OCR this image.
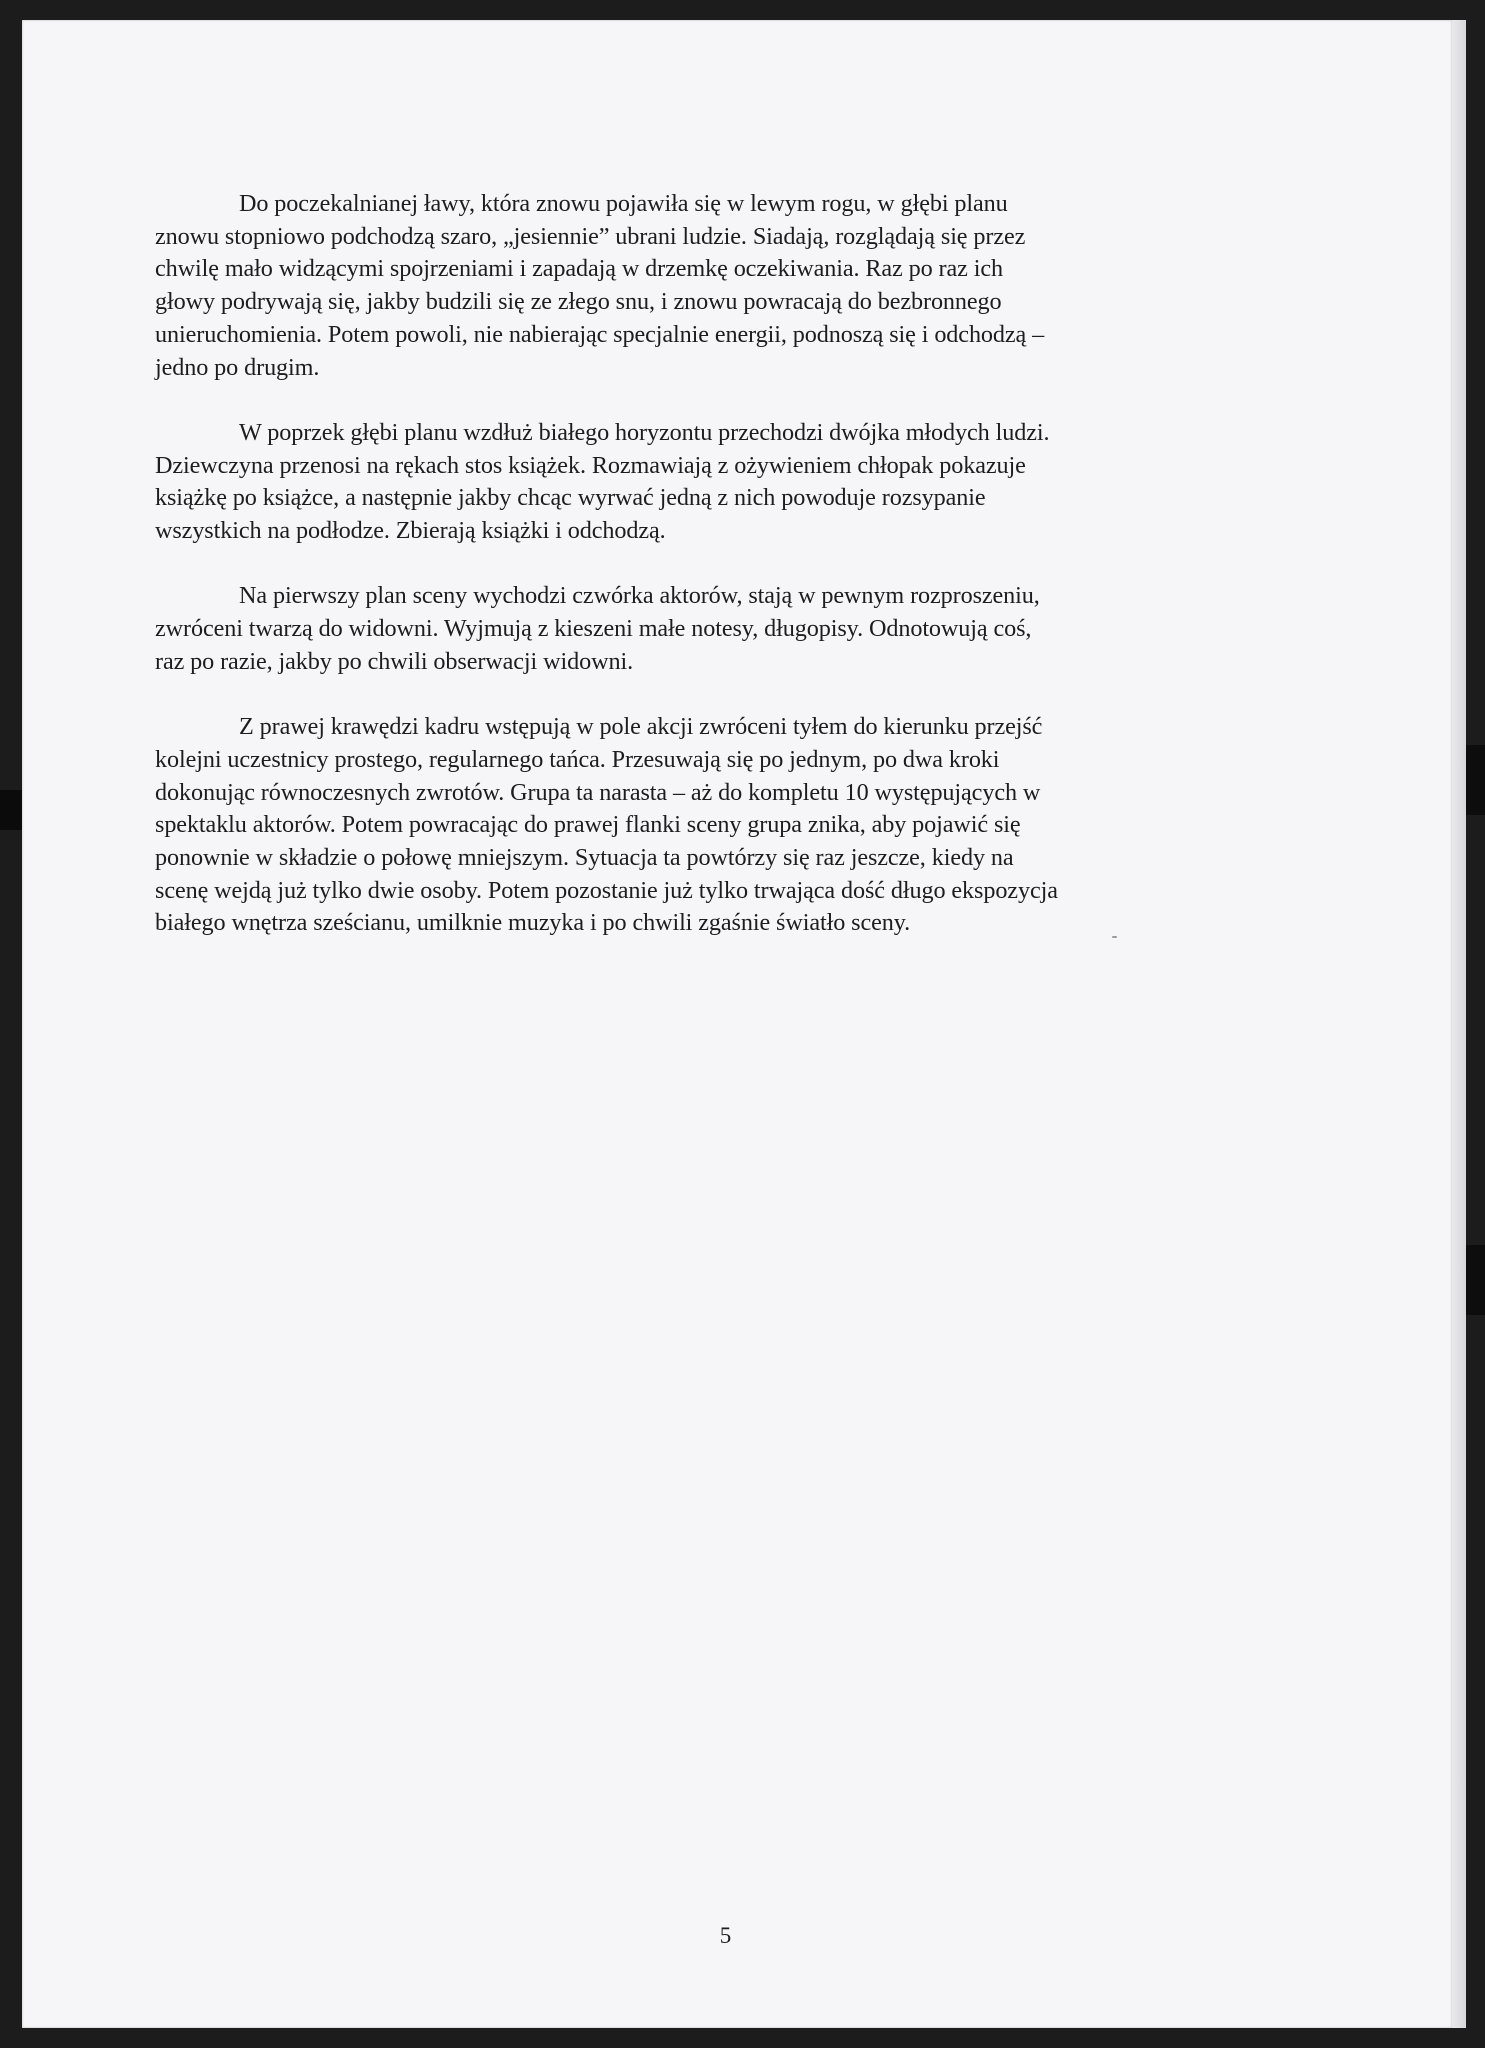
Do poczekalnianej ławy, która znowu pojawiła się w lewym rogu, w głębi planu
znowu stopniowo podchodzą szaro, „jesiennie” ubrani ludzie. Siadają, rozglądają się przez
chwilę mało widzącymi spojrzeniami i zapadają w drzemkę oczekiwania. Raz po raz ich
głowy podrywają się, jakby budzili się ze złego snu, i znowu powracają do bezbronnego
unieruchomienia. Potem powoli, nie nabierając specjalnie energii, podnoszą się i odchodzą –
jedno po drugim.

W poprzek głębi planu wzdłuż białego horyzontu przechodzi dwójka młodych ludzi.
Dziewczyna przenosi na rękach stos książek. Rozmawiają z ożywieniem chłopak pokazuje
książkę po książce, a następnie jakby chcąc wyrwać jedną z nich powoduje rozsypanie
wszystkich na podłodze. Zbierają książki i odchodzą.

Na pierwszy plan sceny wychodzi czwórka aktorów, stają w pewnym rozproszeniu,
zwróceni twarzą do widowni. Wyjmują z kieszeni małe notesy, długopisy. Odnotowują coś,
raz po razie, jakby po chwili obserwacji widowni.

Z prawej krawędzi kadru wstępują w pole akcji zwróceni tyłem do kierunku przejść
kolejni uczestnicy prostego, regularnego tańca. Przesuwają się po jednym, po dwa kroki
dokonując równoczesnych zwrotów. Grupa ta narasta – aż do kompletu 10 występujących w
spektaklu aktorów. Potem powracając do prawej flanki sceny grupa znika, aby pojawić się
ponownie w składzie o połowę mniejszym. Sytuacja ta powtórzy się raz jeszcze, kiedy na
scenę wejdą już tylko dwie osoby. Potem pozostanie już tylko trwająca dość długo ekspozycja
białego wnętrza sześcianu, umilknie muzyka i po chwili zgaśnie światło sceny.

5
